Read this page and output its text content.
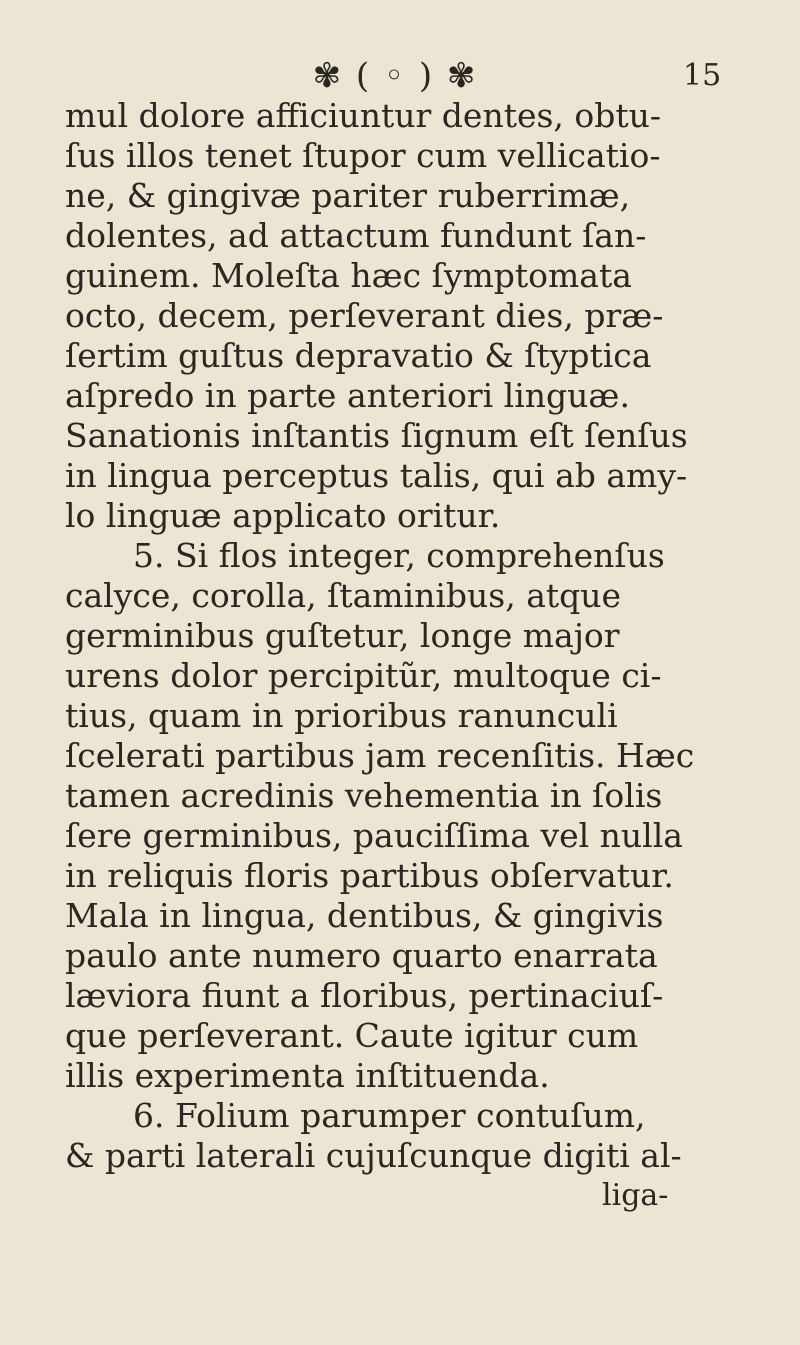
✾ ( ◦ ) ✾	15
mul dolore afficiuntur dentes, obtu-
ſus illos tenet ſtupor cum vellicatio-
ne, & gingivæ pariter ruberrimæ,
dolentes, ad attactum fundunt ſan-
guinem. Moleſta hæc ſymptomata
octo, decem, perſeverant dies, præ-
ſertim guſtus depravatio & ſtyptica
aſpredo in parte anteriori linguæ.
Sanationis inſtantis ſignum eſt ſenſus
in lingua perceptus talis, qui ab amy-
lo linguæ applicato oritur.
5. Si flos integer, comprehenſus
calyce, corolla, ſtaminibus, atque
germinibus guſtetur, longe major
urens dolor percipitũr, multoque ci-
tius, quam in prioribus ranunculi
ſcelerati partibus jam recenſitis. Hæc
tamen acredinis vehementia in ſolis
ſere germinibus, pauciſſima vel nulla
in reliquis floris partibus obſervatur.
Mala in lingua, dentibus, & gingivis
paulo ante numero quarto enarrata
læviora fiunt a floribus, pertinaciuſ-
que perſeverant. Caute igitur cum
illis experimenta inſtituenda.
6. Folium parumper contuſum,
& parti laterali cujuſcunque digiti al-
liga-
